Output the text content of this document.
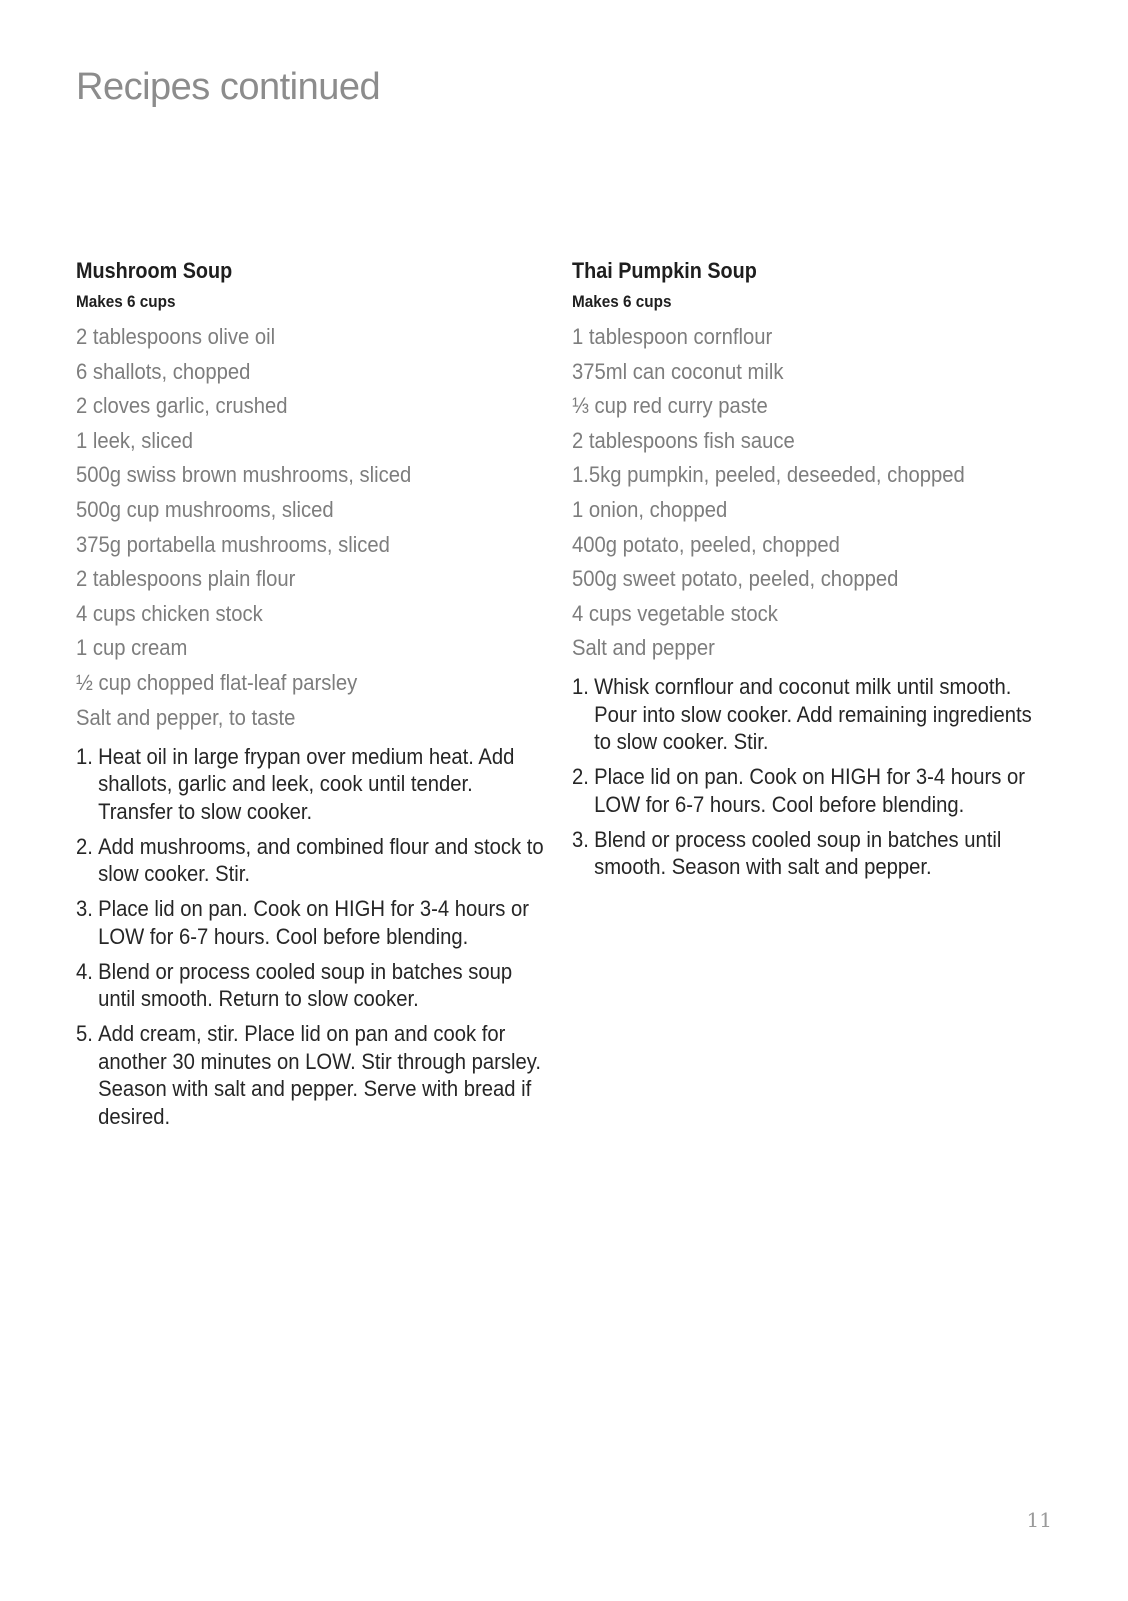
Recipes continued
Mushroom Soup
Makes 6 cups
2 tablespoons olive oil
6 shallots, chopped
2 cloves garlic, crushed
1 leek, sliced
500g swiss brown mushrooms, sliced
500g cup mushrooms, sliced
375g portabella mushrooms, sliced
2 tablespoons plain flour
4 cups chicken stock
1 cup cream
½ cup chopped flat-leaf parsley
Salt and pepper, to taste
1. Heat oil in large frypan over medium heat. Add shallots, garlic and leek, cook until tender. Transfer to slow cooker.
2. Add mushrooms, and combined flour and stock to slow cooker. Stir.
3. Place lid on pan. Cook on HIGH for 3-4 hours or LOW for 6-7 hours. Cool before blending.
4. Blend or process cooled soup in batches soup until smooth. Return to slow cooker.
5. Add cream, stir. Place lid on pan and cook for another 30 minutes on LOW. Stir through parsley. Season with salt and pepper. Serve with bread if desired.
Thai Pumpkin Soup
Makes 6 cups
1 tablespoon cornflour
375ml can coconut milk
⅓ cup red curry paste
2 tablespoons fish sauce
1.5kg pumpkin, peeled, deseeded, chopped
1 onion, chopped
400g potato, peeled, chopped
500g sweet potato, peeled, chopped
4 cups vegetable stock
Salt and pepper
1. Whisk cornflour and coconut milk until smooth. Pour into slow cooker. Add remaining ingredients to slow cooker. Stir.
2. Place lid on pan. Cook on HIGH for 3-4 hours or LOW for 6-7 hours. Cool before blending.
3. Blend or process cooled soup in batches until smooth. Season with salt and pepper.
11
